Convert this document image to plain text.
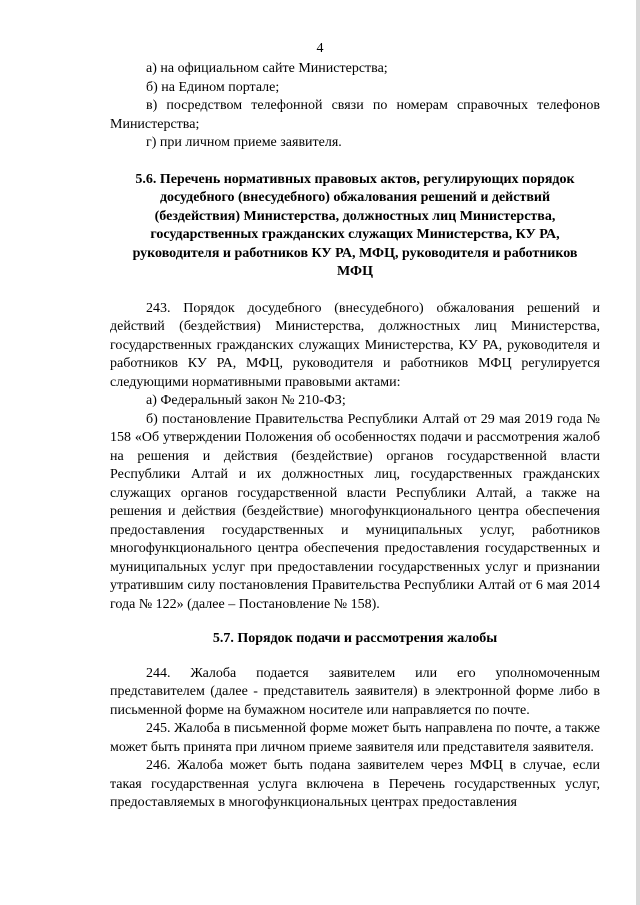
4

а) на официальном сайте Министерства;

б) на Едином портале;

в) посредством телефонной связи по номерам справочных телефонов Министерства;

г) при личном приеме заявителя.

5.6. Перечень нормативных правовых актов, регулирующих порядок досудебного (внесудебного) обжалования решений и действий (бездействия) Министерства, должностных лиц Министерства, государственных гражданских служащих Министерства, КУ РА, руководителя и работников КУ РА, МФЦ, руководителя и работников МФЦ

243. Порядок досудебного (внесудебного) обжалования решений и действий (бездействия) Министерства, должностных лиц Министерства, государственных гражданских служащих Министерства, КУ РА, руководителя и работников КУ РА, МФЦ, руководителя и работников МФЦ регулируется следующими нормативными правовыми актами:

а) Федеральный закон № 210-ФЗ;

б) постановление Правительства Республики Алтай от 29 мая 2019 года № 158 «Об утверждении Положения об особенностях подачи и рассмотрения жалоб на решения и действия (бездействие) органов государственной власти Республики Алтай и их должностных лиц, государственных гражданских служащих органов государственной власти Республики Алтай, а также на решения и действия (бездействие) многофункционального центра обеспечения предоставления государственных и муниципальных услуг, работников многофункционального центра обеспечения предоставления государственных и муниципальных услуг при предоставлении государственных услуг и признании утратившим силу постановления Правительства Республики Алтай от 6 мая 2014 года № 122» (далее – Постановление № 158).

5.7. Порядок подачи и рассмотрения жалобы

244. Жалоба подается заявителем или его уполномоченным представителем (далее - представитель заявителя) в электронной форме либо в письменной форме на бумажном носителе или направляется по почте.

245. Жалоба в письменной форме может быть направлена по почте, а также может быть принята при личном приеме заявителя или представителя заявителя.

246. Жалоба может быть подана заявителем через МФЦ в случае, если такая государственная услуга включена в Перечень государственных услуг, предоставляемых в многофункциональных центрах предоставления
